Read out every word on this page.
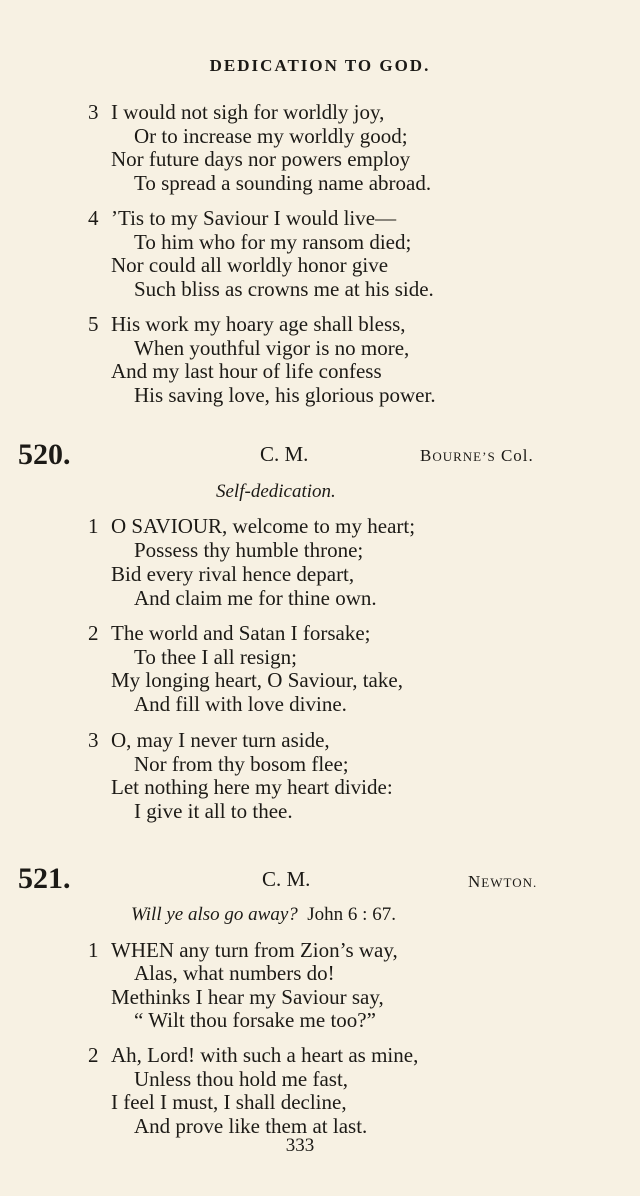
DEDICATION TO GOD.
3 I would not sigh for worldly joy,
Or to increase my worldly good;
Nor future days nor powers employ
To spread a sounding name abroad.
4 ’Tis to my Saviour I would live—
To him who for my ransom died;
Nor could all worldly honor give
Such bliss as crowns me at his side.
5 His work my hoary age shall bless,
When youthful vigor is no more,
And my last hour of life confess
His saving love, his glorious power.
520.	C. M.	BOURNE’S Col.
Self-dedication.
1 O SAVIOUR, welcome to my heart;
Possess thy humble throne;
Bid every rival hence depart,
And claim me for thine own.
2 The world and Satan I forsake;
To thee I all resign;
My longing heart, O Saviour, take,
And fill with love divine.
3 O, may I never turn aside,
Nor from thy bosom flee;
Let nothing here my heart divide:
I give it all to thee.
521.	C. M.	NEWTON.
Will ye also go away? John 6 : 67.
1 WHEN any turn from Zion’s way,
Alas, what numbers do!
Methinks I hear my Saviour say,
“ Wilt thou forsake me too?”
2 Ah, Lord! with such a heart as mine,
Unless thou hold me fast,
I feel I must, I shall decline,
And prove like them at last.
333
